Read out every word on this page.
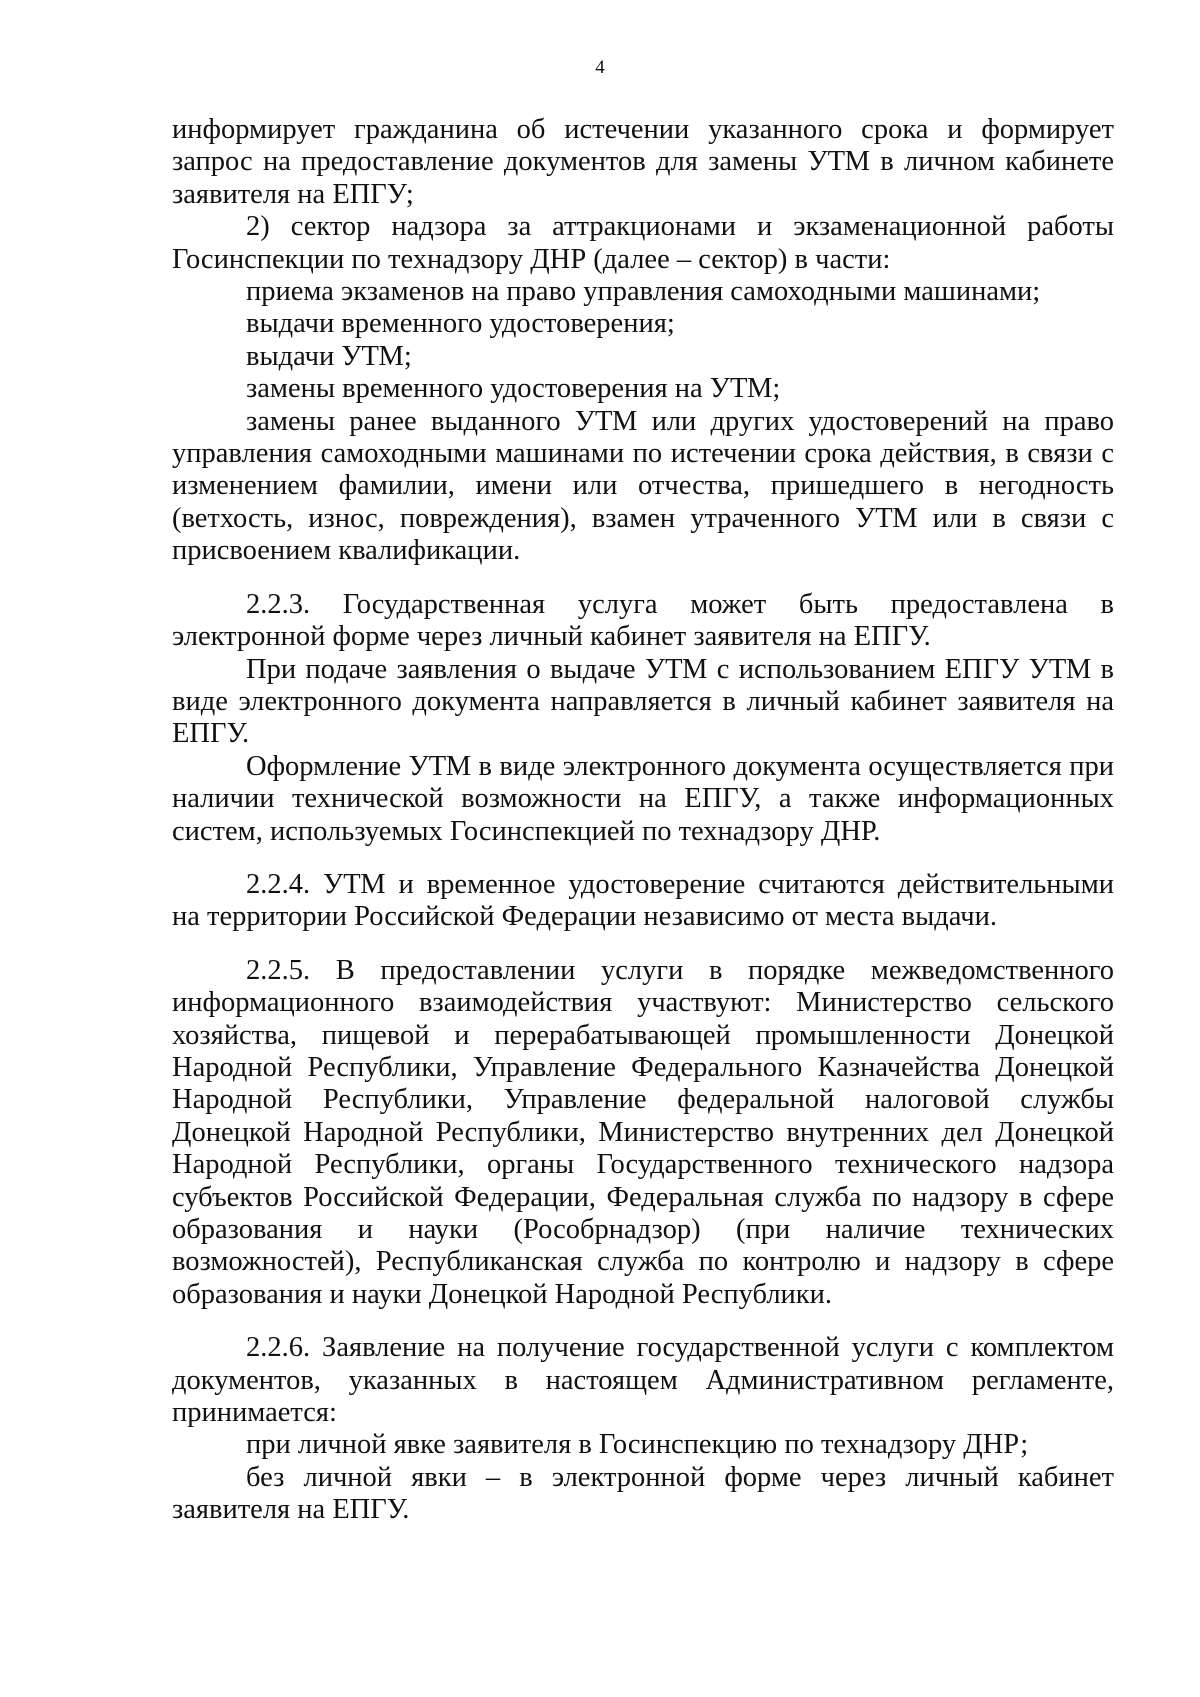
4

информирует гражданина об истечении указанного срока и формирует запрос на предоставление документов для замены УТМ в личном кабинете заявителя на ЕПГУ;

2) сектор надзора за аттракционами и экзаменационной работы Госинспекции по технадзору ДНР (далее – сектор) в части:

приема экзаменов на право управления самоходными машинами;

выдачи временного удостоверения;

выдачи УТМ;

замены временного удостоверения на УТМ;

замены ранее выданного УТМ или других удостоверений на право управления самоходными машинами по истечении срока действия, в связи с изменением фамилии, имени или отчества, пришедшего в негодность (ветхость, износ, повреждения), взамен утраченного УТМ или в связи с присвоением квалификации.

2.2.3. Государственная услуга может быть предоставлена в электронной форме через личный кабинет заявителя на ЕПГУ.

При подаче заявления о выдаче УТМ с использованием ЕПГУ УТМ в виде электронного документа направляется в личный кабинет заявителя на ЕПГУ.

Оформление УТМ в виде электронного документа осуществляется при наличии технической возможности на ЕПГУ, а также информационных систем, используемых Госинспекцией по технадзору ДНР.

2.2.4. УТМ и временное удостоверение считаются действительными на территории Российской Федерации независимо от места выдачи.

2.2.5. В предоставлении услуги в порядке межведомственного информационного взаимодействия участвуют: Министерство сельского хозяйства, пищевой и перерабатывающей промышленности Донецкой Народной Республики, Управление Федерального Казначейства Донецкой Народной Республики, Управление федеральной налоговой службы Донецкой Народной Республики, Министерство внутренних дел Донецкой Народной Республики, органы Государственного технического надзора субъектов Российской Федерации, Федеральная служба по надзору в сфере образования и науки (Рособрнадзор) (при наличие технических возможностей), Республиканская служба по контролю и надзору в сфере образования и науки Донецкой Народной Республики.

2.2.6. Заявление на получение государственной услуги с комплектом документов, указанных в настоящем Административном регламенте, принимается:

при личной явке заявителя в Госинспекцию по технадзору ДНР;

без личной явки – в электронной форме через личный кабинет заявителя на ЕПГУ.
